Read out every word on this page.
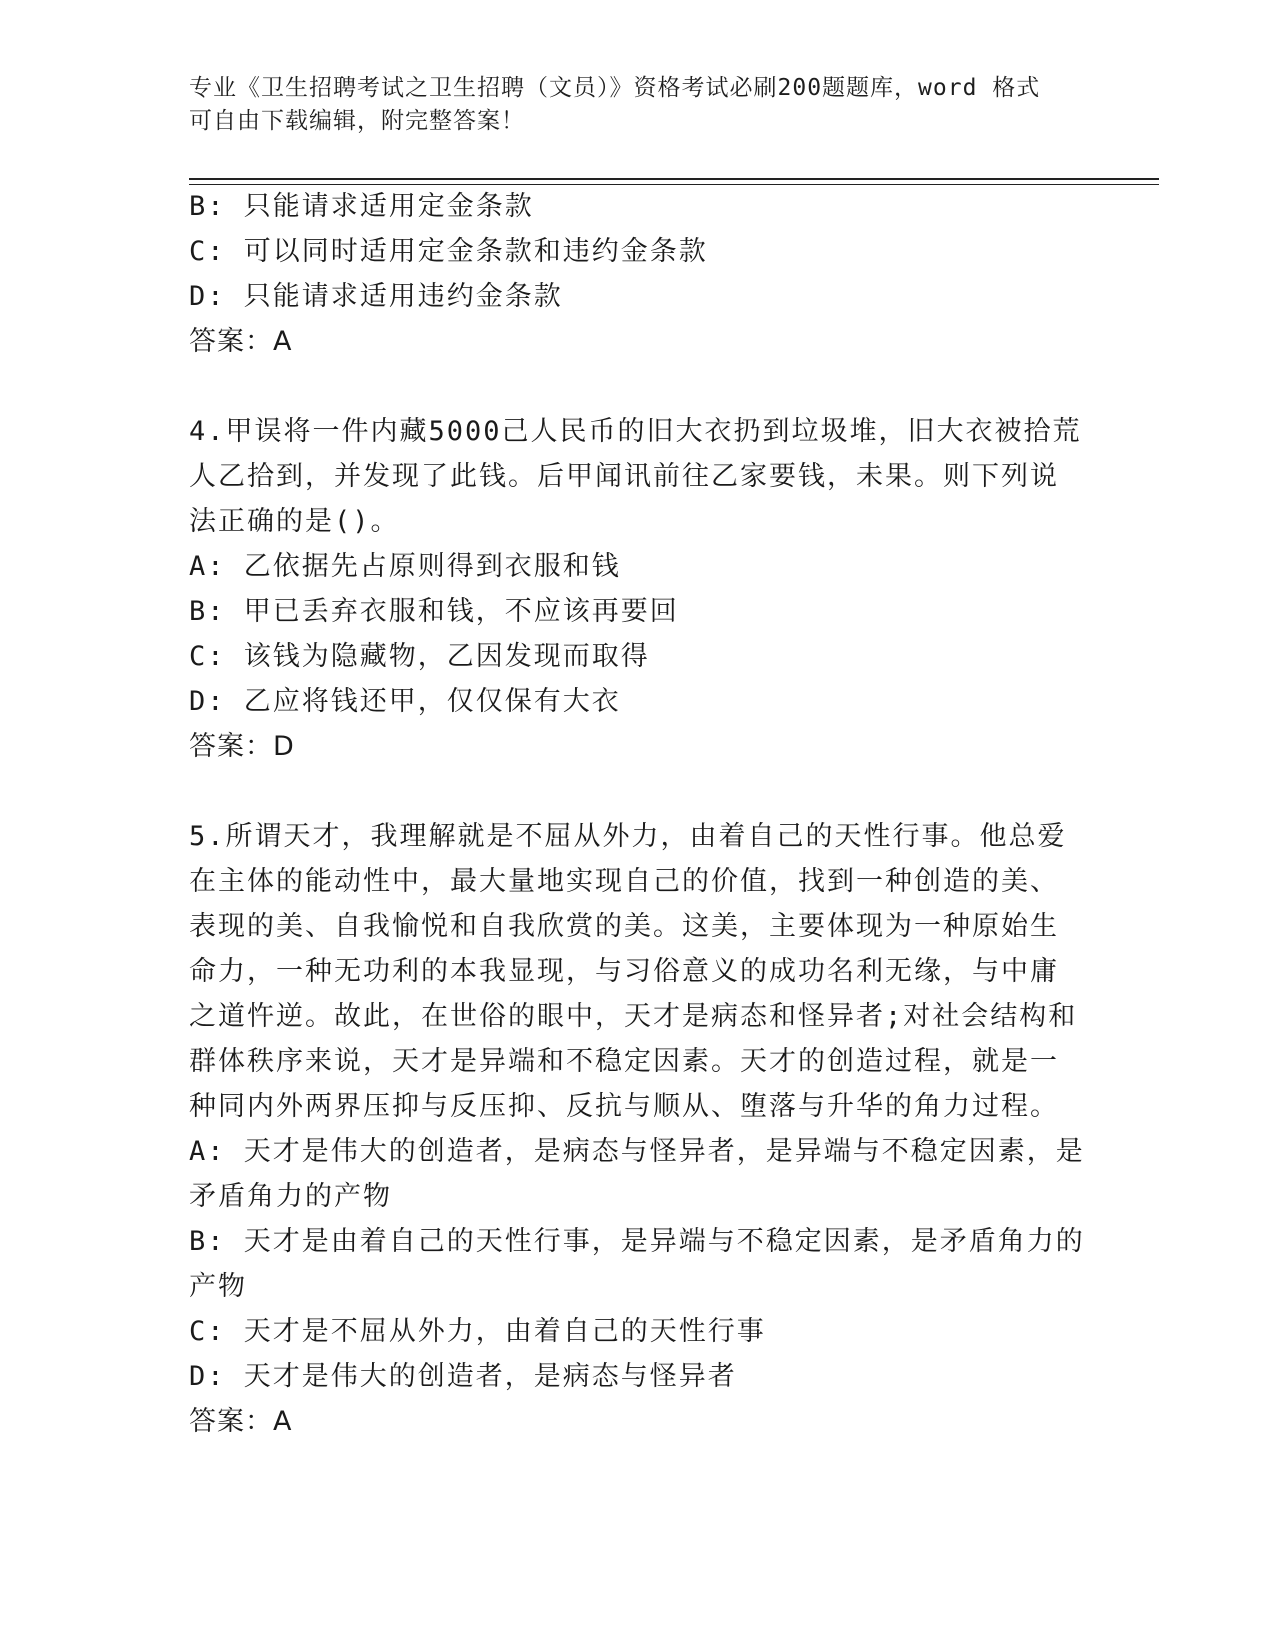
专业《卫生招聘考试之卫生招聘（文员）》资格考试必刷200题题库，word 格式
可自由下载编辑，附完整答案！
B: 只能请求适用定金条款
C: 可以同时适用定金条款和违约金条款
D: 只能请求适用违约金条款
答案：A
4.甲误将一件内藏5000己人民币的旧大衣扔到垃圾堆，旧大衣被拾荒
人乙拾到，并发现了此钱。后甲闻讯前往乙家要钱，未果。则下列说
法正确的是()。
A: 乙依据先占原则得到衣服和钱
B: 甲已丢弃衣服和钱，不应该再要回
C: 该钱为隐藏物，乙因发现而取得
D: 乙应将钱还甲，仅仅保有大衣
答案：D
5.所谓天才，我理解就是不屈从外力，由着自己的天性行事。他总爱
在主体的能动性中，最大量地实现自己的价值，找到一种创造的美、
表现的美、自我愉悦和自我欣赏的美。这美，主要体现为一种原始生
命力，一种无功利的本我显现，与习俗意义的成功名利无缘，与中庸
之道忤逆。故此，在世俗的眼中，天才是病态和怪异者;对社会结构和
群体秩序来说，天才是异端和不稳定因素。天才的创造过程，就是一
种同内外两界压抑与反压抑、反抗与顺从、堕落与升华的角力过程。
A: 天才是伟大的创造者，是病态与怪异者，是异端与不稳定因素，是
矛盾角力的产物
B: 天才是由着自己的天性行事，是异端与不稳定因素，是矛盾角力的
产物
C: 天才是不屈从外力，由着自己的天性行事
D: 天才是伟大的创造者，是病态与怪异者
答案：A
